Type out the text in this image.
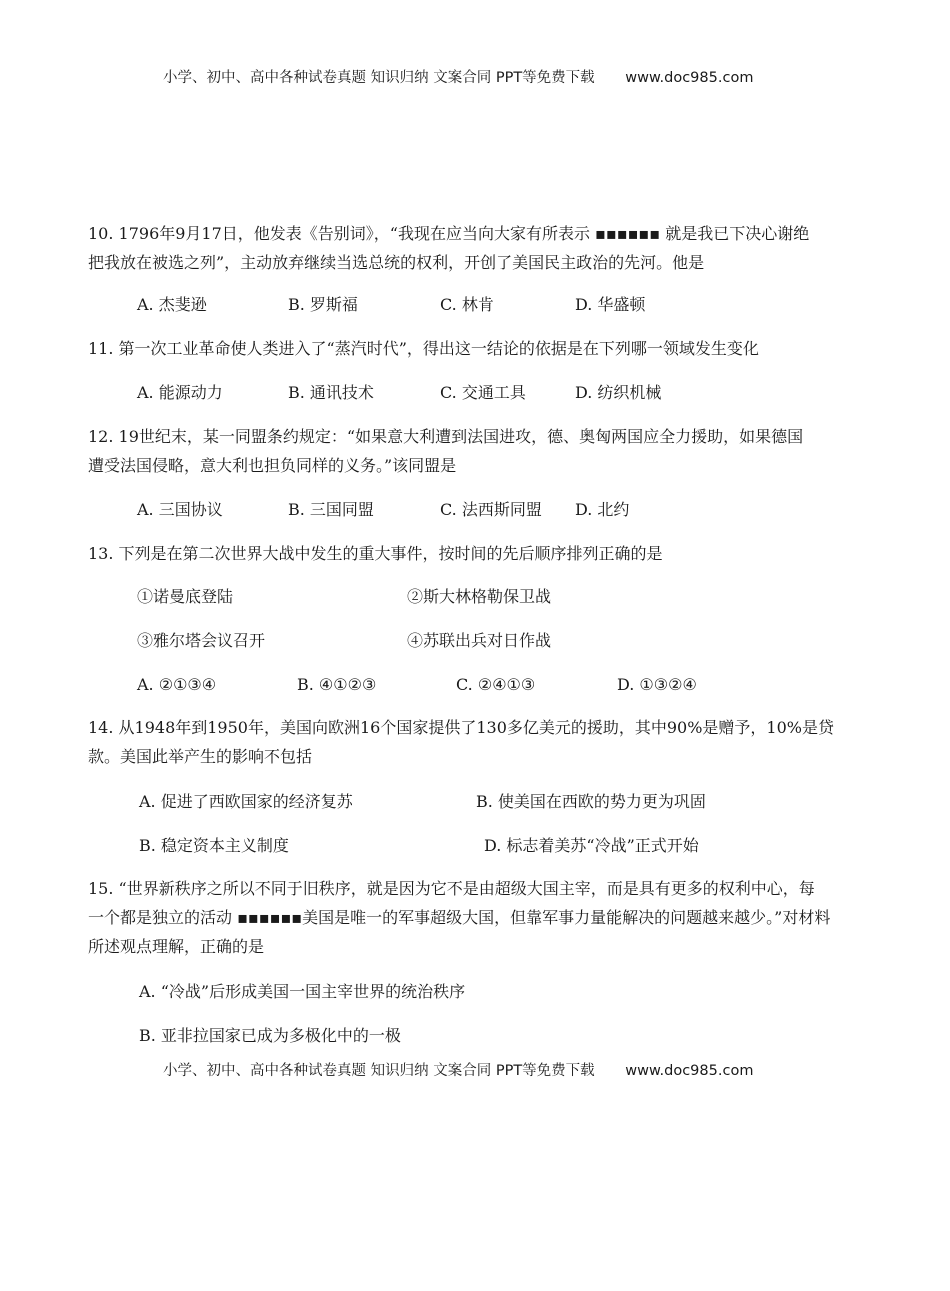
小学、初中、高中各种试卷真题 知识归纳 文案合同 PPT等免费下载 www.doc985.com
10. 1796年9月17日，他发表《告别词》，“我现在应当向大家有所表示 ▪▪▪▪▪▪ 就是我已下决心谢绝
把我放在被选之列”，主动放弃继续当选总统的权利，开创了美国民主政治的先河。他是
A. 杰斐逊	B. 罗斯福	C. 林肯	D. 华盛顿
11. 第一次工业革命使人类进入了“蒸汽时代”，得出这一结论的依据是在下列哪一领域发生变化
A. 能源动力	B. 通讯技术	C. 交通工具	D. 纺织机械
12. 19世纪末，某一同盟条约规定：“如果意大利遭到法国进攻，德、奥匈两国应全力援助，如果德国
遭受法国侵略，意大利也担负同样的义务。”该同盟是
A. 三国协议	B. 三国同盟	C. 法西斯同盟 D. 北约
13. 下列是在第二次世界大战中发生的重大事件，按时间的先后顺序排列正确的是
①诺曼底登陆	②斯大林格勒保卫战
③雅尔塔会议召开	④苏联出兵对日作战
A. ②①③④	B. ④①②③	C. ②④①③	D. ①③②④
14. 从1948年到1950年，美国向欧洲16个国家提供了130多亿美元的援助，其中90%是赠予，10%是贷
款。美国此举产生的影响不包括
A. 促进了西欧国家的经济复苏	B. 使美国在西欧的势力更为巩固
B. 稳定资本主义制度	D. 标志着美苏“冷战”正式开始
15. “世界新秩序之所以不同于旧秩序，就是因为它不是由超级大国主宰，而是具有更多的权利中心，每
一个都是独立的活动 ▪▪▪▪▪▪美国是唯一的军事超级大国，但靠军事力量能解决的问题越来越少。”对材料
所述观点理解，正确的是
A. “冷战”后形成美国一国主宰世界的统治秩序
B. 亚非拉国家已成为多极化中的一极
小学、初中、高中各种试卷真题 知识归纳 文案合同 PPT等免费下载 www.doc985.com
